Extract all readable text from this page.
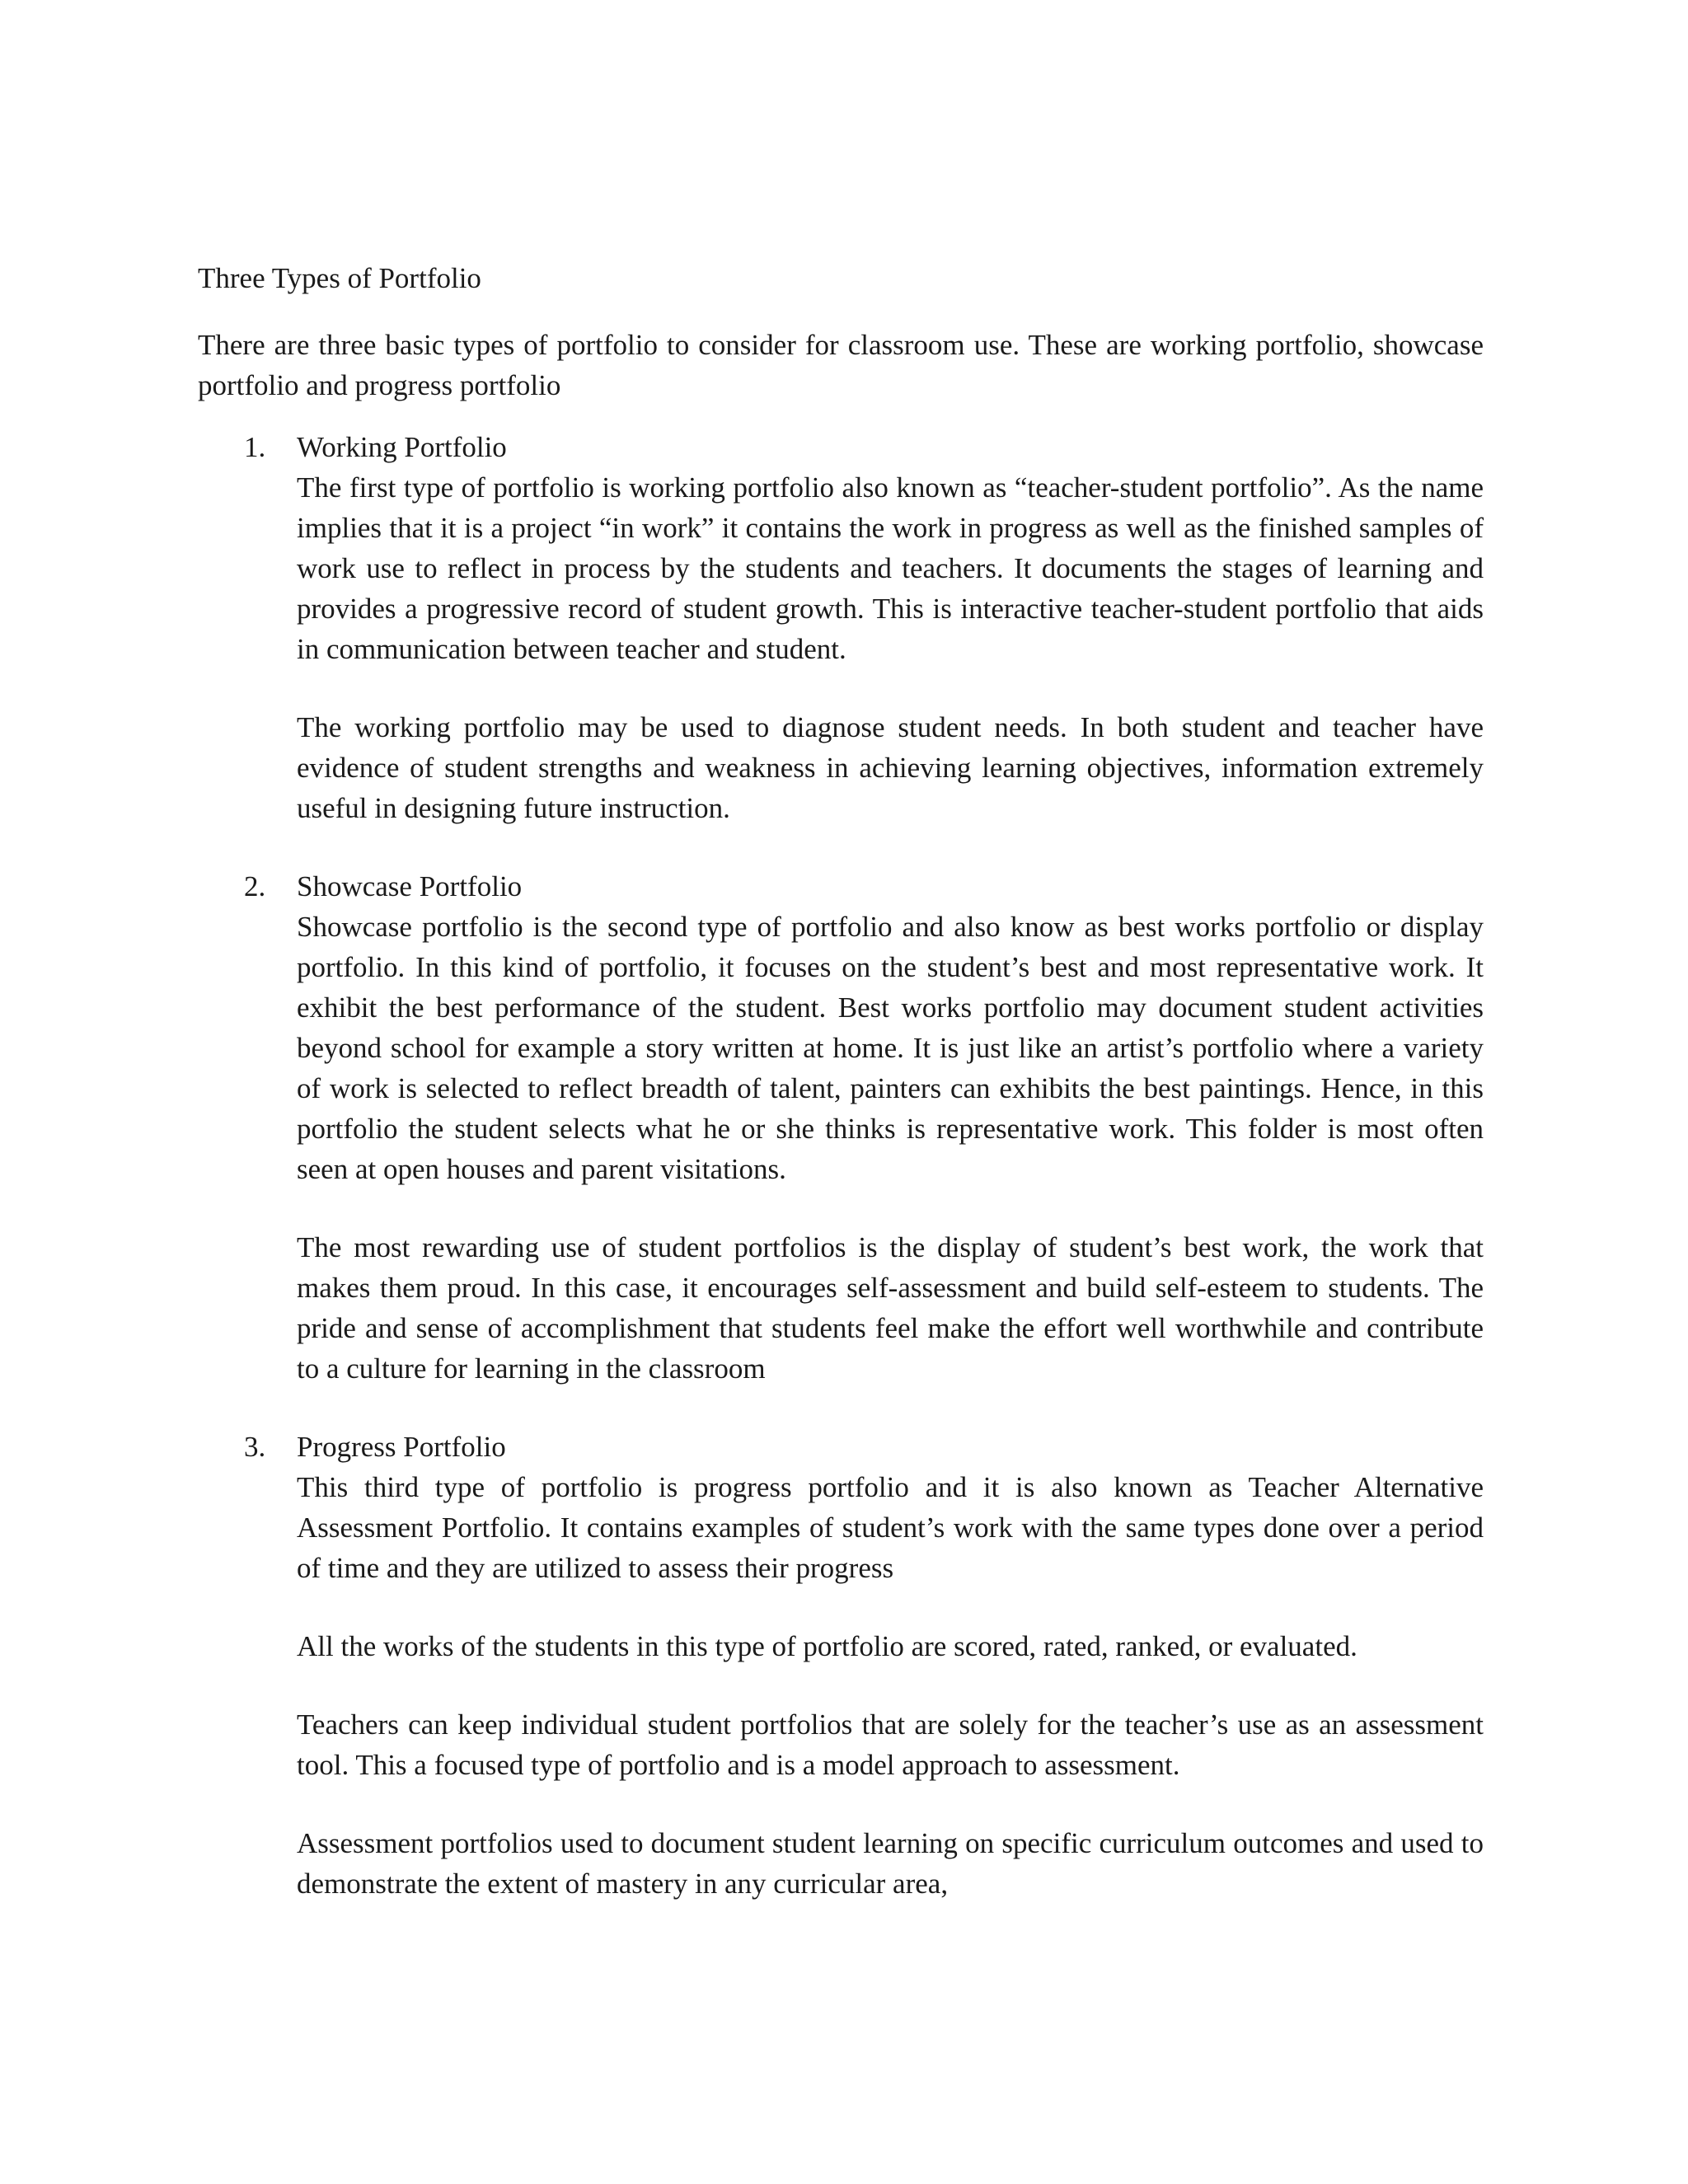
Three Types of Portfolio

There are three basic types of portfolio to consider for classroom use. These are working portfolio, showcase portfolio and progress portfolio

1. Working Portfolio

The first type of portfolio is working portfolio also known as “teacher-student portfolio”. As the name implies that it is a project “in work” it contains the work in progress as well as the finished samples of work use to reflect in process by the students and teachers. It documents the stages of learning and provides a progressive record of student growth. This is interactive teacher-student portfolio that aids in communication between teacher and student.

The working portfolio may be used to diagnose student needs. In both student and teacher have evidence of student strengths and weakness in achieving learning objectives, information extremely useful in designing future instruction.

2. Showcase Portfolio

Showcase portfolio is the second type of portfolio and also know as best works portfolio or display portfolio. In this kind of portfolio, it focuses on the student’s best and most representative work. It exhibit the best performance of the student. Best works portfolio may document student activities beyond school for example a story written at home. It is just like an artist’s portfolio where a variety of work is selected to reflect breadth of talent, painters can exhibits the best paintings. Hence, in this portfolio the student selects what he or she thinks is representative work. This folder is most often seen at open houses and parent visitations.

The most rewarding use of student portfolios is the display of student’s best work, the work that makes them proud. In this case, it encourages self-assessment and build self-esteem to students. The pride and sense of accomplishment that students feel make the effort well worthwhile and contribute to a culture for learning in the classroom

3. Progress Portfolio

This third type of portfolio is progress portfolio and it is also known as Teacher Alternative Assessment Portfolio. It contains examples of student’s work with the same types done over a period of time and they are utilized to assess their progress

All the works of the students in this type of portfolio are scored, rated, ranked, or evaluated.

Teachers can keep individual student portfolios that are solely for the teacher’s use as an assessment tool. This a focused type of portfolio and is a model approach to assessment.

Assessment portfolios used to document student learning on specific curriculum outcomes and used to demonstrate the extent of mastery in any curricular area,
